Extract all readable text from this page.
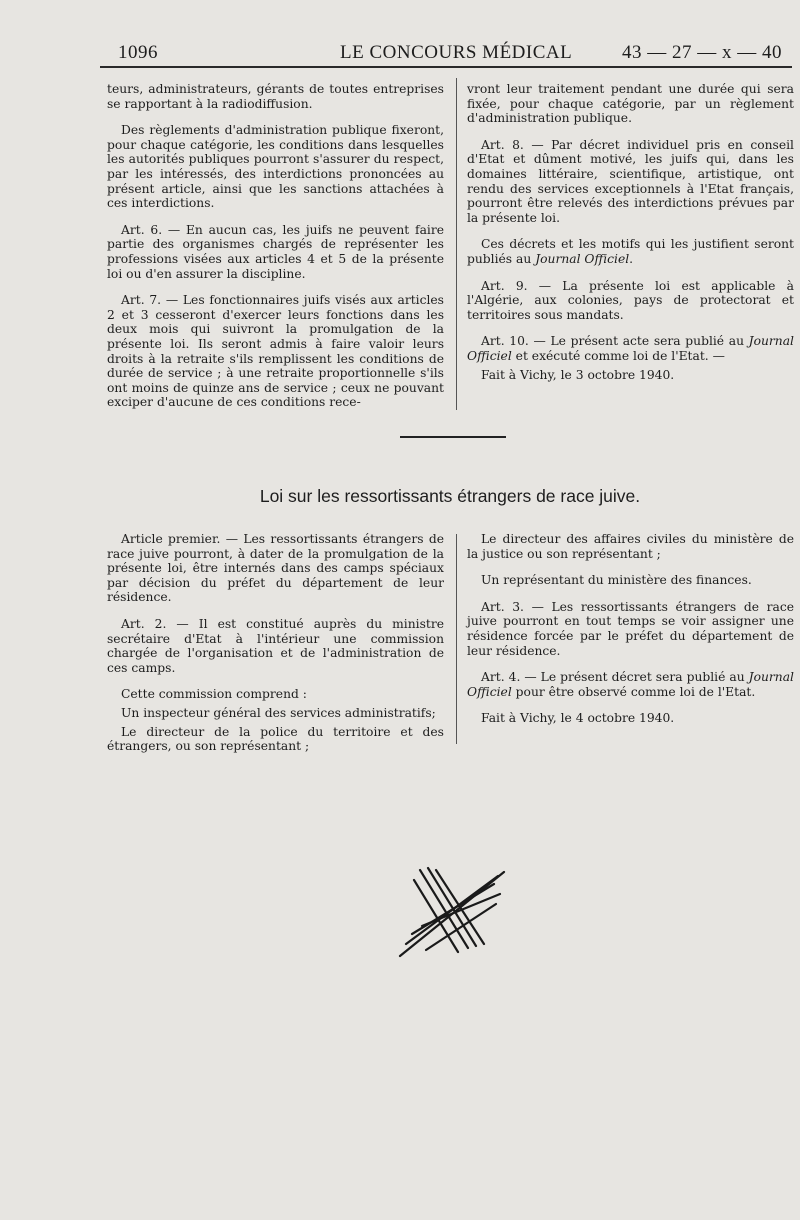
1096	LE CONCOURS MÉDICAL	43 — 27 — x — 40

teurs, administrateurs, gérants de toutes entreprises se rapportant à la radiodiffusion.

Des règlements d'administration publique fixeront, pour chaque catégorie, les conditions dans lesquelles les autorités publiques pourront s'assurer du respect, par les intéressés, des interdictions prononcées au présent article, ainsi que les sanctions attachées à ces interdictions.

Art. 6. — En aucun cas, les juifs ne peuvent faire partie des organismes chargés de représenter les professions visées aux articles 4 et 5 de la présente loi ou d'en assurer la discipline.

Art. 7. — Les fonctionnaires juifs visés aux articles 2 et 3 cesseront d'exercer leurs fonctions dans les deux mois qui suivront la promulgation de la présente loi. Ils seront admis à faire valoir leurs droits à la retraite s'ils remplissent les conditions de durée de service ; à une retraite proportionnelle s'ils ont moins de quinze ans de service ; ceux ne pouvant exciper d'aucune de ces conditions rece-

vront leur traitement pendant une durée qui sera fixée, pour chaque catégorie, par un règlement d'administration publique.

Art. 8. — Par décret individuel pris en conseil d'Etat et dûment motivé, les juifs qui, dans les domaines littéraire, scientifique, artistique, ont rendu des services exceptionnels à l'Etat français, pourront être relevés des interdictions prévues par la présente loi.

Ces décrets et les motifs qui les justifient seront publiés au Journal Officiel.

Art. 9. — La présente loi est applicable à l'Algérie, aux colonies, pays de protectorat et territoires sous mandats.

Art. 10. — Le présent acte sera publié au Journal Officiel et exécuté comme loi de l'Etat. —

Fait à Vichy, le 3 octobre 1940.

Loi sur les ressortissants étrangers de race juive.

Article premier. — Les ressortissants étrangers de race juive pourront, à dater de la promulgation de la présente loi, être internés dans des camps spéciaux par décision du préfet du département de leur résidence.

Art. 2. — Il est constitué auprès du ministre secrétaire d'Etat à l'intérieur une commission chargée de l'organisation et de l'administration de ces camps.

Cette commission comprend :

Un inspecteur général des services administratifs;

Le directeur de la police du territoire et des étrangers, ou son représentant ;

Le directeur des affaires civiles du ministère de la justice ou son représentant ;

Un représentant du ministère des finances.

Art. 3. — Les ressortissants étrangers de race juive pourront en tout temps se voir assigner une résidence forcée par le préfet du département de leur résidence.

Art. 4. — Le présent décret sera publié au Journal Officiel pour être observé comme loi de l'Etat.

Fait à Vichy, le 4 octobre 1940.
